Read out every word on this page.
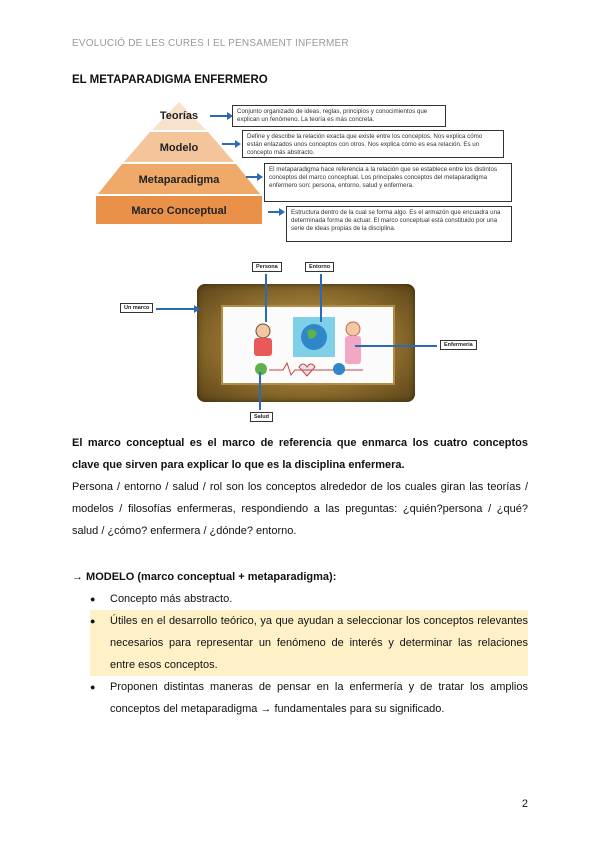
EVOLUCIÓ DE LES CURES I EL PENSAMENT INFERMER
EL METAPARADIGMA ENFERMERO
Teorías
Modelo
Metaparadigma
Marco Conceptual
Conjunto organizado de ideas, reglas, principios y conocimientos que explican un fenómeno. La teoría es más concreta.
Define y describe la relación exacta que existe entre los conceptos. Nos explica cómo están enlazados unos conceptos con otros. Nos explica cómo es esa relación. Es un concepto más abstracto.
El metaparadigma hace referencia a la relación que se establece entre los distintos conceptos del marco conceptual. Los principales conceptos del metaparadigma enfermero son: persona, entorno, salud y enfermera.
Estructura dentro de la cual se forma algo. Es el armazón que encuadra una determinada forma de actuar. El marco conceptual está constituido por una serie de ideas propias de la disciplina.
Persona	Entorno
Un marco
Enfermería
Salud
El marco conceptual es el marco de referencia que enmarca los cuatro conceptos clave que sirven para explicar lo que es la disciplina enfermera.
Persona / entorno / salud / rol son los conceptos alrededor de los cuales giran las teorías / modelos / filosofías enfermeras, respondiendo a las preguntas: ¿quién?persona / ¿qué? salud / ¿cómo? enfermera / ¿dónde? entorno.
→ MODELO (marco conceptual + metaparadigma):
● Concepto más abstracto.
● Útiles en el desarrollo teórico, ya que ayudan a seleccionar los conceptos relevantes necesarios para representar un fenómeno de interés y determinar las relaciones entre esos conceptos.
● Proponen distintas maneras de pensar en la enfermería y de tratar los amplios conceptos del metaparadigma → fundamentales para su significado.
2
